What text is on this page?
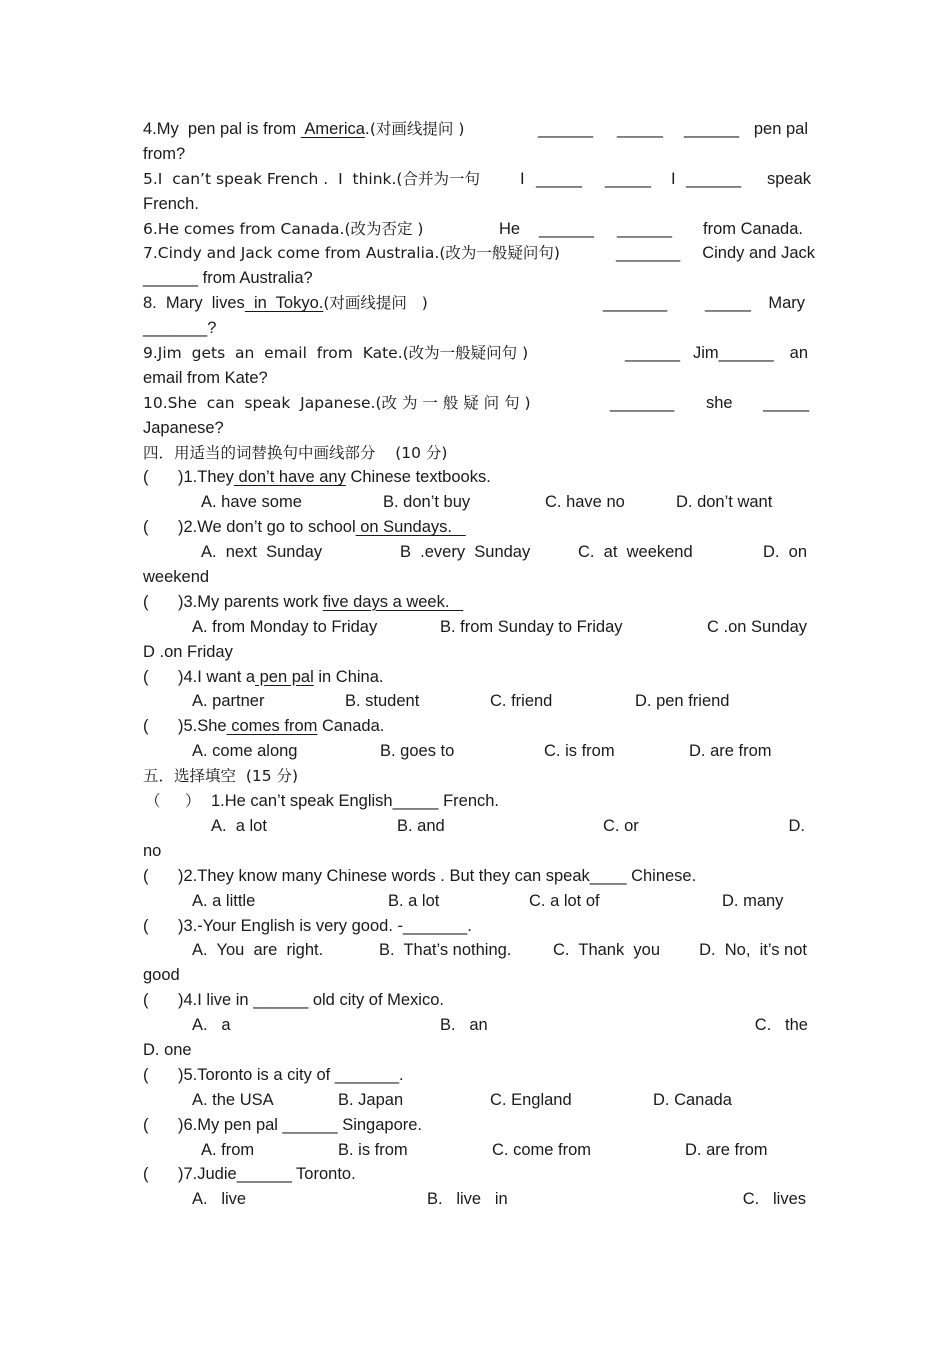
4.My  pen pal is from  America.(对画线提问 )	______ _____ ______ pen pal
from?
5.I  can’t speak French .  I  think.(合并为一句 I _____ _____ I ______ speak
French.
6.He comes from Canada.(改为否定 )	He ______ ______ from Canada.
7.Cindy and Jack come from Australia.(改为一般疑问句)	_______ Cindy and Jack
______ from Australia?
8.  Mary  lives  in  Tokyo.(对画线提问   )	_______ _____ Mary
_______?
9.Jim  gets  an  email  from  Kate.(改为一般疑问句 )	______ Jim______ an
email from Kate?
10.She  can  speak  Japanese.(改 为 一 般 疑 问 句 )	_______ she _____
Japanese?
四．用适当的词替换句中画线部分    (10 分)
( )1.They don’t have any Chinese textbooks.
A. have some	B. don’t buy	C. have no	D. don’t want
( )2.We don’t go to school on Sundays.
A.  next  Sunday	B  .every  Sunday	C.  at  weekend	D.  on
weekend
( )3.My parents work five days a week.
A. from Monday to Friday	B. from Sunday to Friday	C .on Sunday
D .on Friday
( )4.I want a pen pal in China.
A. partner	B. student	C. friend	D. pen friend
( )5.She comes from Canada.
A. come along	B. goes to	C. is from	D. are from
五．选择填空  (15 分)
（ ） 1.He can’t speak English_____ French.
A.  a lot	B. and	C. or	D.
no
( )2.They know many Chinese words . But they can speak____ Chinese.
A. a little	B. a lot	C. a lot of	D. many
( )3.-Your English is very good. -_______.
A.  You  are  right.	B.  That’s nothing.	C.  Thank  you D.  No,  it’s not
good
( )4.I live in ______ old city of Mexico.
A.   a	B.   an	C.   the
D. one
( )5.Toronto is a city of _______.
A. the USA	B. Japan	C. England	D. Canada
( )6.My pen pal ______ Singapore.
A. from	B. is from	C. come from	D. are from
( )7.Judie______ Toronto.
A.   live	B.   live   in	C.   lives
